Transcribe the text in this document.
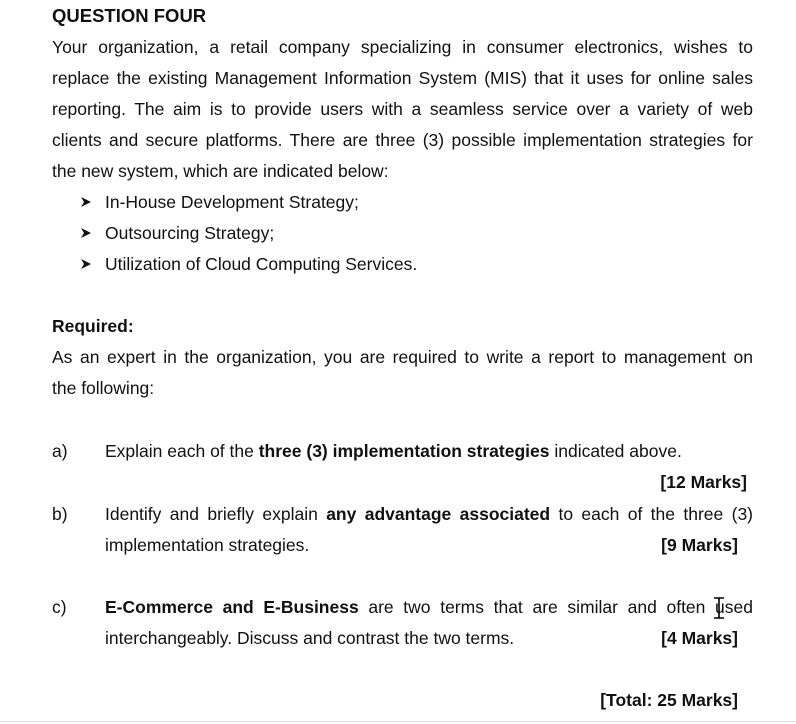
QUESTION FOUR
Your organization, a retail company specializing in consumer electronics, wishes to
replace the existing Management Information System (MIS) that it uses for online sales
reporting. The aim is to provide users with a seamless service over a variety of web
clients and secure platforms. There are three (3) possible implementation strategies for
the new system, which are indicated below:
In-House Development Strategy;
Outsourcing Strategy;
Utilization of Cloud Computing Services.
Required:
As an expert in the organization, you are required to write a report to management on
the following:
a) Explain each of the three (3) implementation strategies indicated above.
[12 Marks]
b) Identify and briefly explain any advantage associated to each of the three (3)
implementation strategies.	[9 Marks]
c) E-Commerce and E-Business are two terms that are similar and often used
interchangeably. Discuss and contrast the two terms.	[4 Marks]
[Total: 25 Marks]
